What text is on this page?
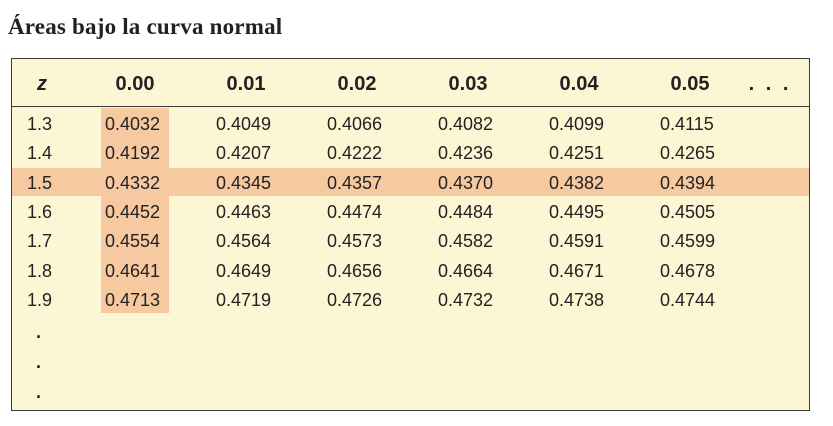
Áreas bajo la curva normal
z	0.00	0.01	0.02	0.03	0.04	0.05 . . .
1.3	0.4032	0.4049	0.4066	0.4082	0.4099	0.4115
1.4	0.4192	0.4207	0.4222	0.4236	0.4251	0.4265
1.5	0.4332	0.4345	0.4357	0.4370	0.4382	0.4394
1.6	0.4452	0.4463	0.4474	0.4484	0.4495	0.4505
1.7	0.4554	0.4564	0.4573	0.4582	0.4591	0.4599
1.8	0.4641	0.4649	0.4656	0.4664	0.4671	0.4678
1.9	0.4713	0.4719	0.4726	0.4732	0.4738	0.4744
.
.
.
